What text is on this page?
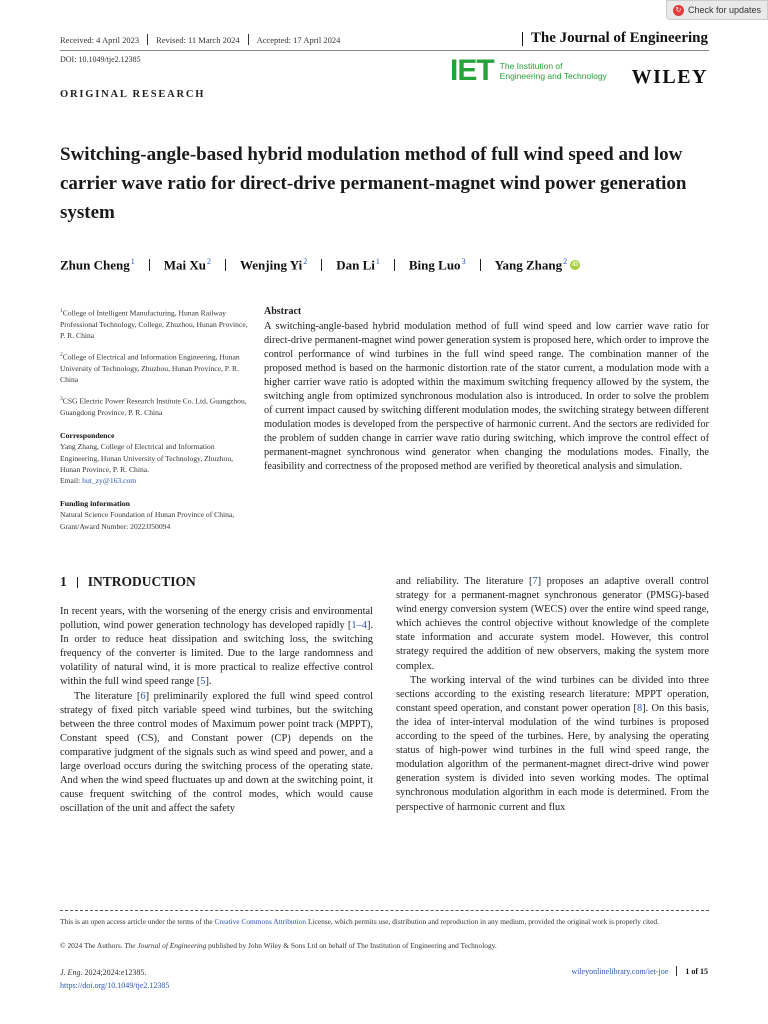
↻ Check for updates
Received: 4 April 2023 Revised: 11 March 2024 Accepted: 17 April 2024
DOI: 10.1049/tje2.12385
The Journal of Engineering
IET The Institution of
Engineering and Technology WILEY
ORIGINAL RESEARCH
Switching-angle-based hybrid modulation method of full wind speed and low carrier wave ratio for direct-drive permanent-magnet wind power generation system
Zhun Cheng$^1$ Mai Xu$^2$ Wenjing Yi$^2$ Dan Li$^1$ Bing Luo$^3$ Yang Zhang$^2$ iD

$^1$College of Intelligent Manufacturing, Hunan Railway Professional Technology, College, Zhuzhou, Hunan Province, P. R. China

$^2$College of Electrical and Information Engineering, Hunan University of Technology, Zhuzhou, Hunan Province, P. R. China

$^3$CSG Electric Power Research Institute Co. Ltd, Guangzhou, Guangdong Province, P. R. China

Correspondence

Yang Zhang, College of Electrical and Information Engineering, Hunan University of Technology, Zhuzhou, Hunan Province, P. R. China.
Email: hut_zy@163.com

Funding information

Natural Science Foundation of Hunan Province of China, Grant/Award Number: 2022JJ50094

Abstract
A switching-angle-based hybrid modulation method of full wind speed and low carrier wave ratio for direct-drive permanent-magnet wind power generation system is proposed here, which order to improve the control performance of wind turbines in the full wind speed range. The combination manner of the proposed method is based on the harmonic distortion rate of the stator current, a modulation mode with a higher carrier wave ratio is adopted within the maximum switching frequency allowed by the system, the switching angle from optimized synchronous modulation also is introduced. In order to solve the problem of current impact caused by switching different modulation modes, the switching strategy between different modulation modes is developed from the perspective of harmonic current. And the sectors are redivided for the problem of sudden change in carrier wave ratio during switching, which improve the control effect of permanent-magnet synchronous wind generator when changing the modulations modes. Finally, the feasibility and correctness of the proposed method are verified by theoretical analysis and simulation.
1 INTRODUCTION

In recent years, with the worsening of the energy crisis and environmental pollution, wind power generation technology has developed rapidly [1–4]. In order to reduce heat dissipation and switching loss, the switching frequency of the converter is limited. Due to the large randomness and volatility of natural wind, it is more practical to realize effective control within the full wind speed range [5].

The literature [6] preliminarily explored the full wind speed control strategy of fixed pitch variable speed wind turbines, but the switching between the three control modes of Maximum power point track (MPPT), Constant speed (CS), and Constant power (CP) depends on the comparative judgment of the signals such as wind speed and power, and a large overload occurs during the switching process of the operating state. And when the wind speed fluctuates up and down at the switching point, it cause frequent switching of the control modes, which would cause oscillation of the unit and affect the safety

and reliability. The literature [7] proposes an adaptive overall control strategy for a permanent-magnet synchronous generator (PMSG)-based wind energy conversion system (WECS) over the entire wind speed range, which achieves the control objective without knowledge of the complete state information and accurate system model. However, this control strategy required the addition of new observers, making the system more complex.

The working interval of the wind turbines can be divided into three sections according to the existing research literature: MPPT operation, constant speed operation, and constant power operation [8]. On this basis, the idea of inter-interval modulation of the wind turbines is proposed according to the speed of the turbines. Here, by analysing the operating status of high-power wind turbines in the full wind speed range, the modulation algorithm of the permanent-magnet direct-drive wind power generation system is divided into seven working modes. The optimal synchronous modulation algorithm in each mode is determined. From the perspective of harmonic current and flux

This is an open access article under the terms of the Creative Commons Attribution License, which permits use, distribution and reproduction in any medium, provided the original work is properly cited.
© 2024 The Authors. The Journal of Engineering published by John Wiley & Sons Ltd on behalf of The Institution of Engineering and Technology.
J. Eng. 2024;2024:e12385.
https://doi.org/10.1049/tje2.12385
wileyonlinelibrary.com/iet-joe 1 of 15
